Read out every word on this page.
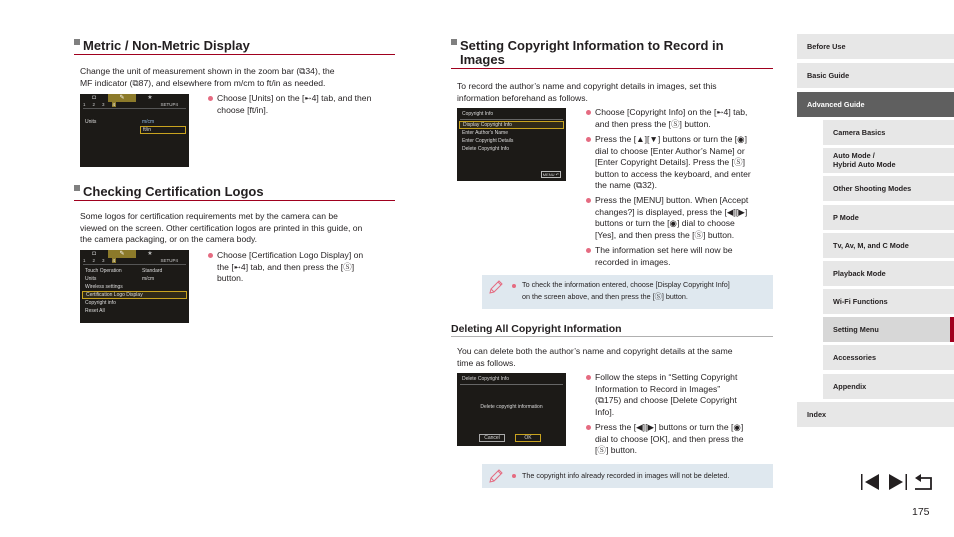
Metric / Non-Metric Display
Change the unit of measurement shown in the zoom bar (⧉34), the
MF indicator (⧉87), and elsewhere from m/cm to ft/in as needed.
◘	✎	★
1 2 3 4	SETUP4
Units	m/cm
ft/in
Choose [Units] on the [➸4] tab, and then
choose [ft/in].
Checking Certification Logos
Some logos for certification requirements met by the camera can be
viewed on the screen. Other certification logos are printed in this guide, on
the camera packaging, or on the camera body.
◘	✎	★
1 2 3 4	SETUP4
Touch Operation	Standard
Units	m/cm
Wireless settings
Certification Logo Display
Copyright info
Reset All
Choose [Certification Logo Display] on
the [➸4] tab, and then press the [Ⓢ]
button.
Setting Copyright Information to Record in
Images
To record the author’s name and copyright details in images, set this
information beforehand as follows.
Copyright Info
Display Copyright Info
Enter Author's Name
Enter Copyright Details
Delete Copyright Info
MENU ↶
Choose [Copyright Info] on the [➸4] tab,
and then press the [Ⓢ] button.
Press the [▲][▼] buttons or turn the [◉]
dial to choose [Enter Author’s Name] or
[Enter Copyright Details]. Press the [Ⓢ]
button to access the keyboard, and enter
the name (⧉32).
Press the [MENU] button. When [Accept
changes?] is displayed, press the [◀][▶]
buttons or turn the [◉] dial to choose
[Yes], and then press the [Ⓢ] button.
The information set here will now be
recorded in images.
To check the information entered, choose [Display Copyright Info]
on the screen above, and then press the [Ⓢ] button.
Deleting All Copyright Information
You can delete both the author’s name and copyright details at the same
time as follows.
Delete Copyright Info
Delete copyright information
Cancel	OK
Follow the steps in “Setting Copyright
Information to Record in Images”
(⧉175) and choose [Delete Copyright
Info].
Press the [◀][▶] buttons or turn the [◉]
dial to choose [OK], and then press the
[Ⓢ] button.
The copyright info already recorded in images will not be deleted.
Before Use
Basic Guide
Advanced Guide
Camera Basics
Auto Mode /
Hybrid Auto Mode
Other Shooting Modes
P Mode
Tv, Av, M, and C Mode
Playback Mode
Wi-Fi Functions
Setting Menu
Accessories
Appendix
Index
175
